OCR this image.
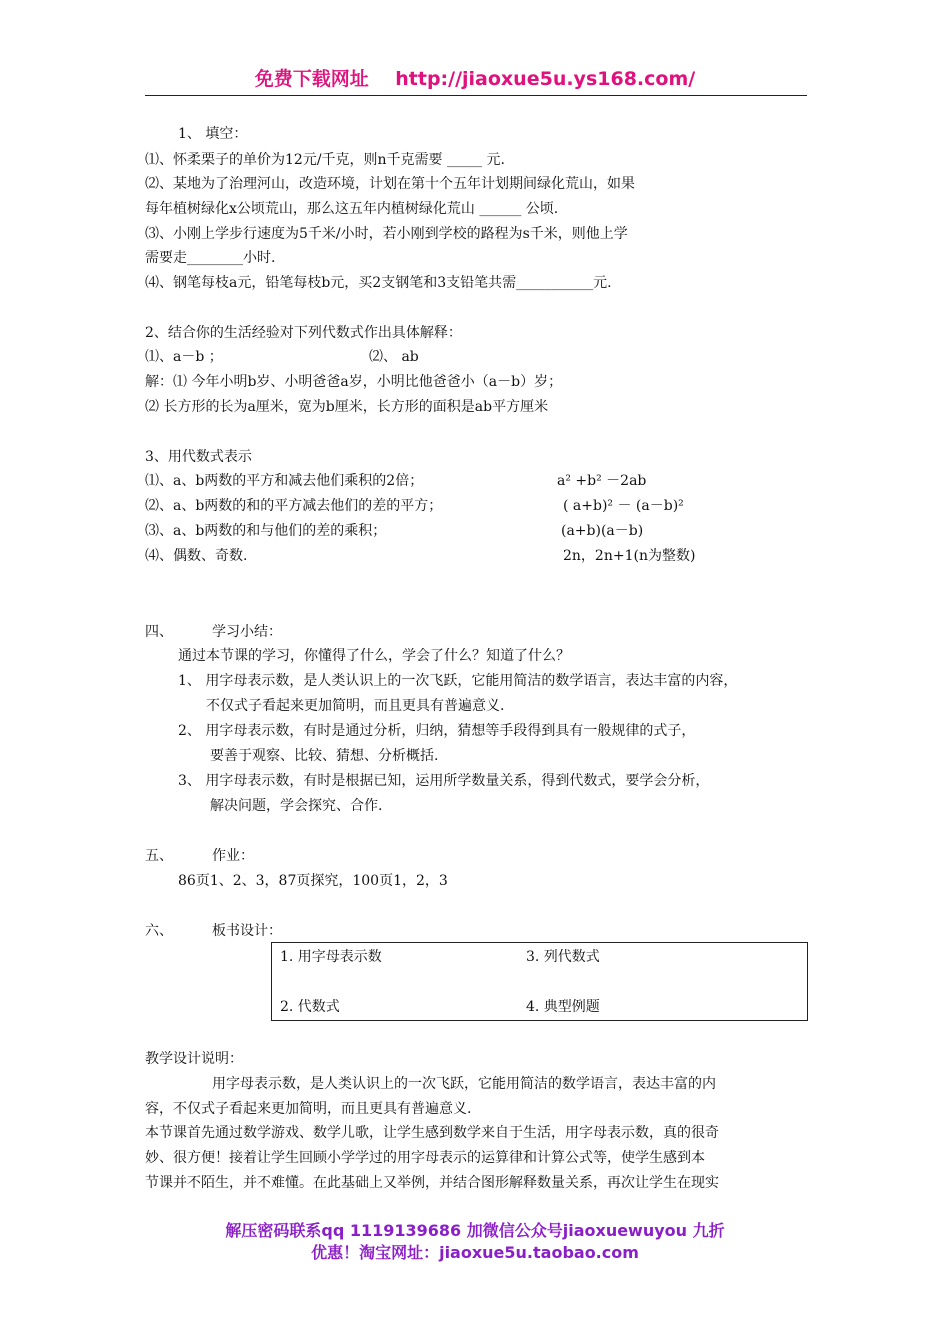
免费下载网址    http://jiaoxue5u.ys168.com/
1、 填空：
⑴、怀柔栗子的单价为12元/千克，则n千克需要 _____ 元.
⑵、某地为了治理河山，改造环境，计划在第十个五年计划期间绿化荒山，如果
每年植树绿化x公顷荒山，那么这五年内植树绿化荒山 ______ 公顷.
⑶、小刚上学步行速度为5千米/小时，若小刚到学校的路程为s千米，则他上学
需要走________小时.
⑷、钢笔每枝a元，铅笔每枝b元，买2支钢笔和3支铅笔共需___________元.
2、结合你的生活经验对下列代数式作出具体解释：
⑴、a－b ；	⑵、 ab
解：⑴ 今年小明b岁、小明爸爸a岁，小明比他爸爸小（a－b）岁；
⑵ 长方形的长为a厘米，宽为b厘米，长方形的面积是ab平方厘米
3、用代数式表示
⑴、a、b两数的平方和减去他们乘积的2倍；	a² +b² －2ab
⑵、a、b两数的和的平方减去他们的差的平方；	( a+b)² － (a－b)²
⑶、a、b两数的和与他们的差的乘积；	(a+b)(a－b)
⑷、偶数、奇数.	2n，2n+1(n为整数)
四、	学习小结：
通过本节课的学习，你懂得了什么，学会了什么？知道了什么？
1、 用字母表示数，是人类认识上的一次飞跃，它能用简洁的数学语言，表达丰富的内容，
不仅式子看起来更加简明，而且更具有普遍意义.
2、 用字母表示数，有时是通过分析，归纳，猜想等手段得到具有一般规律的式子，
要善于观察、比较、猜想、分析概括.
3、 用字母表示数，有时是根据已知，运用所学数量关系，得到代数式，要学会分析，
解决问题，学会探究、合作.
五、	作业：
86页1、2、3，87页探究，100页1，2，3
六、	板书设计：
1. 用字母表示数	3. 列代数式
2. 代数式	4. 典型例题
教学设计说明：
用字母表示数，是人类认识上的一次飞跃，它能用简洁的数学语言，表达丰富的内
容，不仅式子看起来更加简明，而且更具有普遍意义.
本节课首先通过数学游戏、数学儿歌，让学生感到数学来自于生活，用字母表示数，真的很奇
妙、很方便！接着让学生回顾小学学过的用字母表示的运算律和计算公式等，使学生感到本
节课并不陌生，并不难懂。在此基础上又举例，并结合图形解释数量关系，再次让学生在现实
解压密码联系qq 1119139686 加微信公众号jiaoxuewuyou 九折
优惠！淘宝网址：jiaoxue5u.taobao.com
